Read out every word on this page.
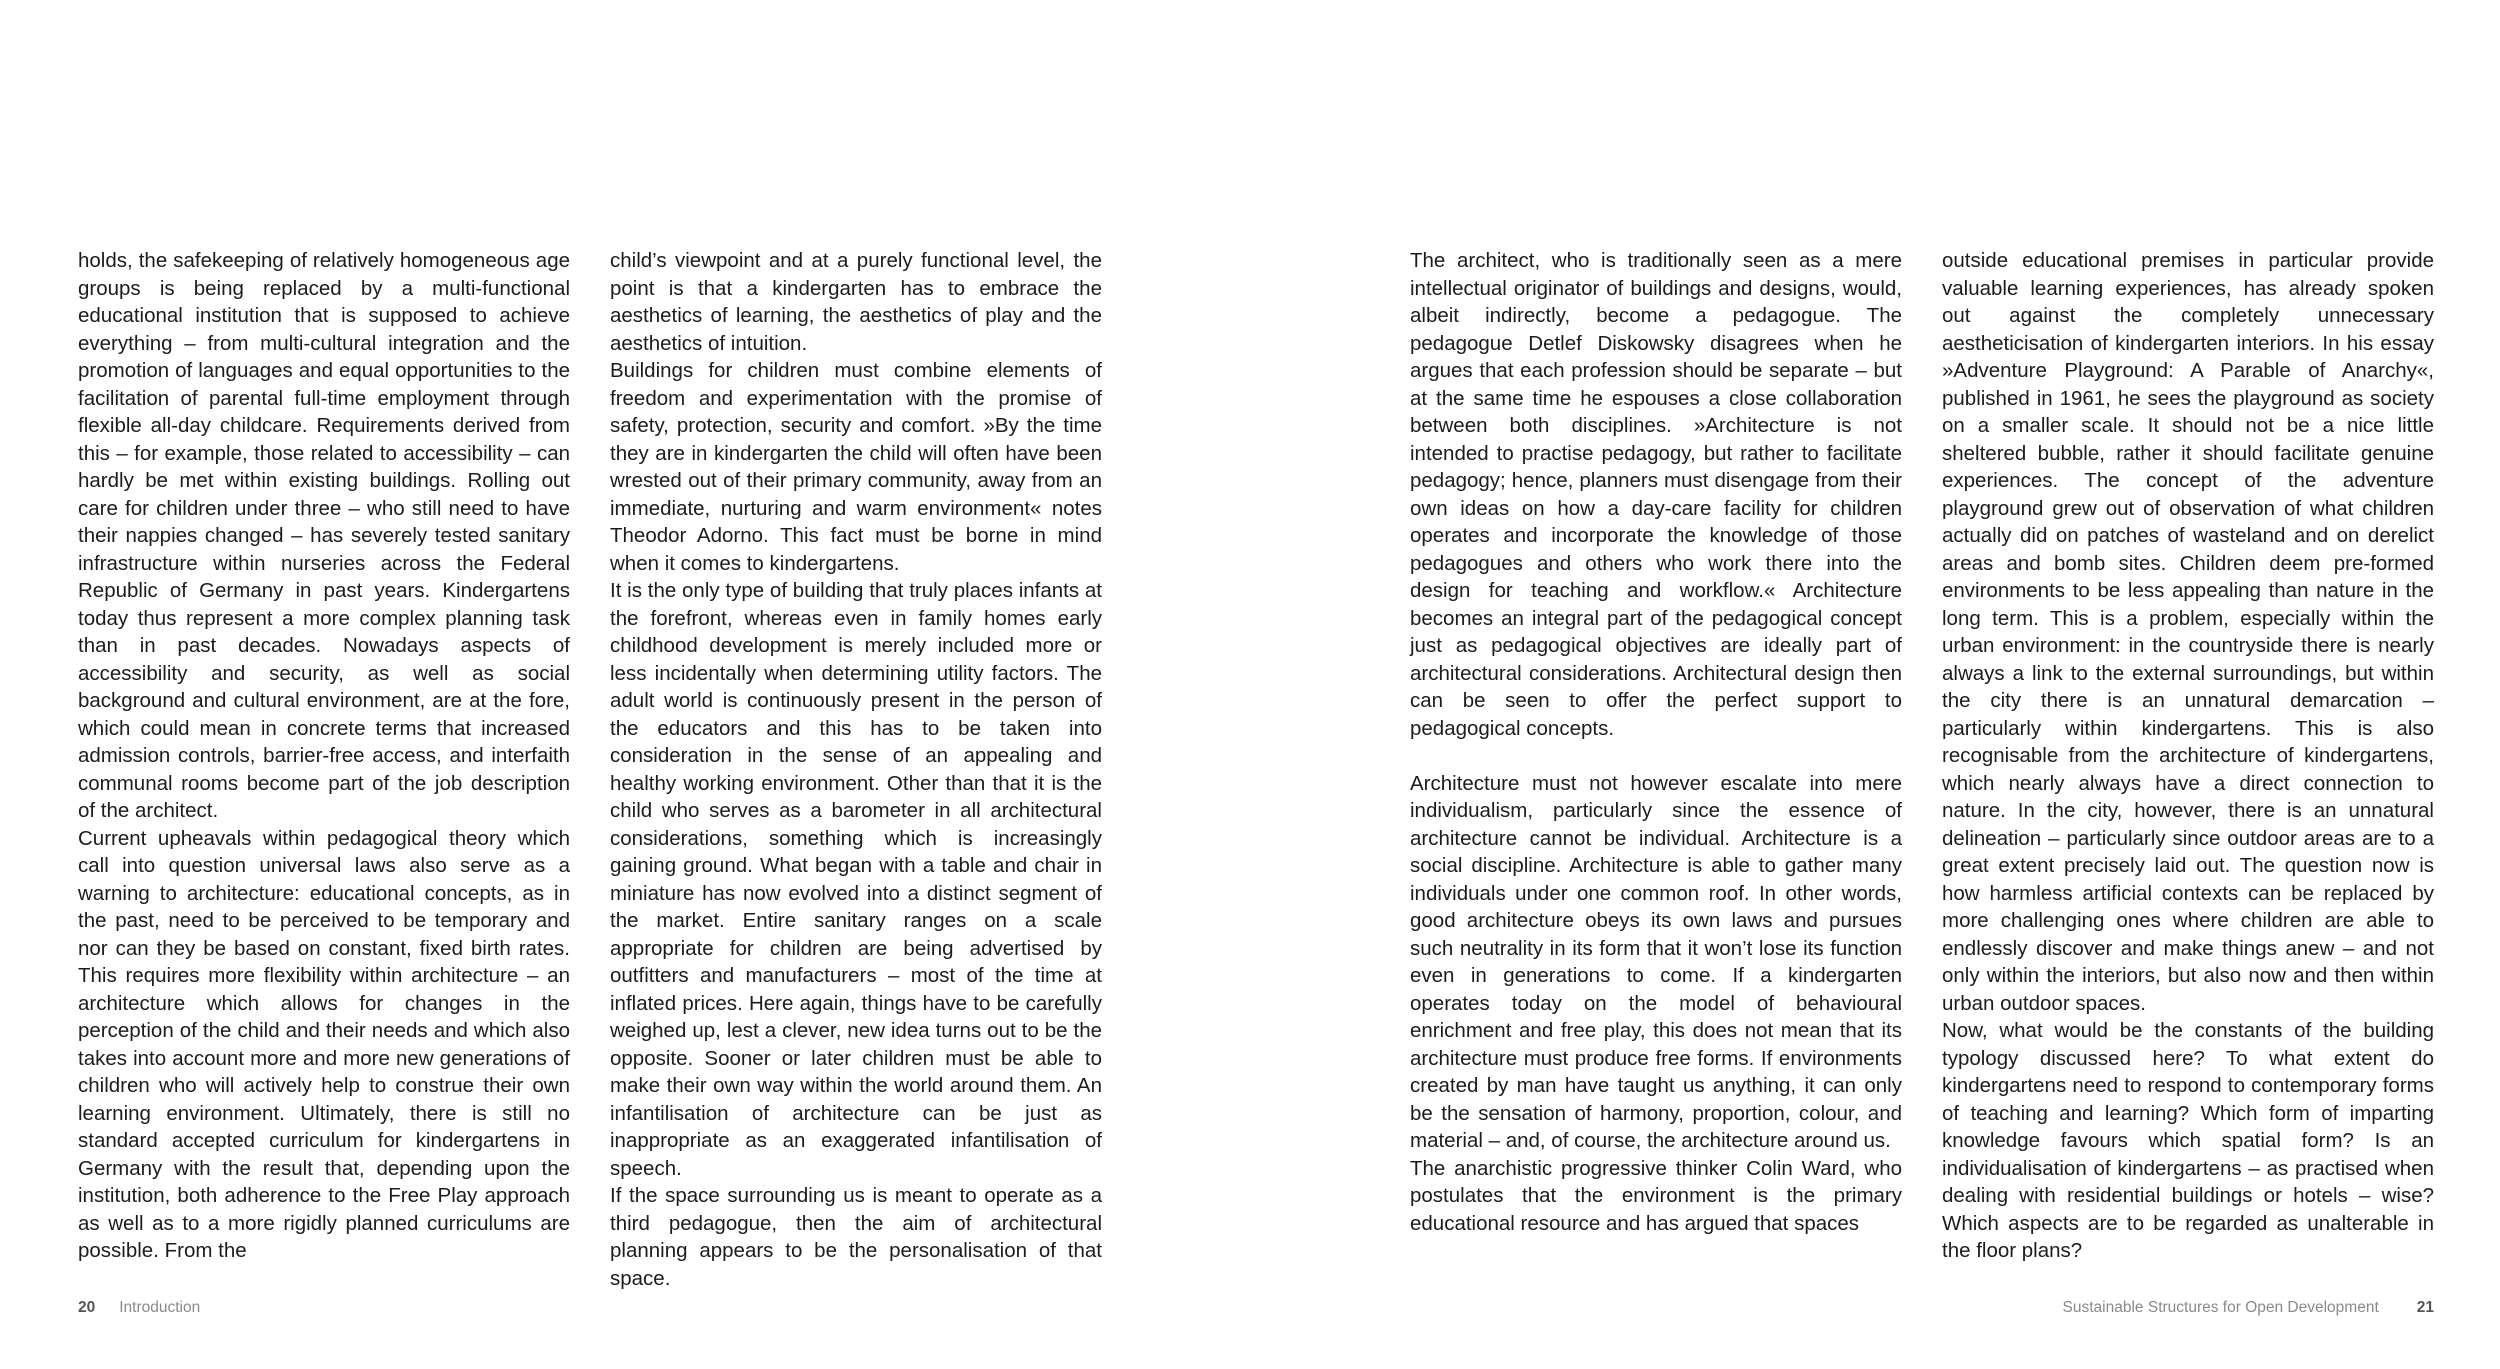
holds, the safekeeping of relatively homogeneous age groups is being replaced by a multi-functional educational institution that is supposed to achieve everything – from multi-cultural integration and the promotion of languages and equal opportunities to the facilitation of parental full-time employment through flexible all-day childcare. Requirements derived from this – for example, those related to accessibility – can hardly be met within existing buildings. Rolling out care for children under three – who still need to have their nappies changed – has severely tested sanitary infrastructure within nurseries across the Federal Republic of Germany in past years. Kindergartens today thus represent a more complex planning task than in past decades. Nowadays aspects of accessibility and security, as well as social background and cultural environment, are at the fore, which could mean in concrete terms that increased admission controls, barrier-free access, and interfaith communal rooms become part of the job description of the architect.

Current upheavals within pedagogical theory which call into question universal laws also serve as a warning to architecture: educational concepts, as in the past, need to be perceived to be temporary and nor can they be based on constant, fixed birth rates. This requires more flexibility within architecture – an architecture which allows for changes in the perception of the child and their needs and which also takes into account more and more new generations of children who will actively help to construe their own learning environment. Ultimately, there is still no standard accepted curriculum for kindergartens in Germany with the result that, depending upon the institution, both adherence to the Free Play approach as well as to a more rigidly planned curriculums are possible. From the

child’s viewpoint and at a purely functional level, the point is that a kindergarten has to embrace the aesthetics of learning, the aesthetics of play and the aesthetics of intuition.

Buildings for children must combine elements of freedom and experimentation with the promise of safety, protection, security and comfort. »By the time they are in kindergarten the child will often have been wrested out of their primary community, away from an immediate, nurturing and warm environment« notes Theodor Adorno. This fact must be borne in mind when it comes to kindergartens.

It is the only type of building that truly places infants at the forefront, whereas even in family homes early childhood development is merely included more or less incidentally when determining utility factors. The adult world is continuously present in the person of the educators and this has to be taken into consideration in the sense of an appealing and healthy working environment. Other than that it is the child who serves as a barometer in all architectural considerations, something which is increasingly gaining ground. What began with a table and chair in miniature has now evolved into a distinct segment of the market. Entire sanitary ranges on a scale appropriate for children are being advertised by outfitters and manufacturers – most of the time at inflated prices. Here again, things have to be carefully weighed up, lest a clever, new idea turns out to be the opposite. Sooner or later children must be able to make their own way within the world around them. An infantilisation of architecture can be just as inappropriate as an exaggerated infantilisation of speech.

If the space surrounding us is meant to operate as a third pedagogue, then the aim of architectural planning appears to be the personalisation of that space.

The architect, who is traditionally seen as a mere intellectual originator of buildings and designs, would, albeit indirectly, become a pedagogue. The pedagogue Detlef Diskowsky disagrees when he argues that each profession should be separate – but at the same time he espouses a close collaboration between both disciplines. »Architecture is not intended to practise pedagogy, but rather to facilitate pedagogy; hence, planners must disengage from their own ideas on how a day-care facility for children operates and incorporate the knowledge of those pedagogues and others who work there into the design for teaching and workflow.« Architecture becomes an integral part of the pedagogical concept just as pedagogical objectives are ideally part of architectural considerations. Architectural design then can be seen to offer the perfect support to pedagogical concepts.

Architecture must not however escalate into mere individualism, particularly since the essence of architecture cannot be individual. Architecture is a social discipline. Architecture is able to gather many individuals under one common roof. In other words, good architecture obeys its own laws and pursues such neutrality in its form that it won’t lose its function even in generations to come. If a kindergarten operates today on the model of behavioural enrichment and free play, this does not mean that its architecture must produce free forms. If environments created by man have taught us anything, it can only be the sensation of harmony, proportion, colour, and material – and, of course, the architecture around us.

The anarchistic progressive thinker Colin Ward, who postulates that the environment is the primary educational resource and has argued that spaces

outside educational premises in particular provide valuable learning experiences, has already spoken out against the completely unnecessary aestheticisation of kindergarten interiors. In his essay »Adventure Playground: A Parable of Anarchy«, published in 1961, he sees the playground as society on a smaller scale. It should not be a nice little sheltered bubble, rather it should facilitate genuine experiences. The concept of the adventure playground grew out of observation of what children actually did on patches of wasteland and on derelict areas and bomb sites. Children deem pre-formed environments to be less appealing than nature in the long term. This is a problem, especially within the urban environment: in the countryside there is nearly always a link to the external surroundings, but within the city there is an unnatural demarcation – particularly within kindergartens. This is also recognisable from the architecture of kindergartens, which nearly always have a direct connection to nature. In the city, however, there is an unnatural delineation – particularly since outdoor areas are to a great extent precisely laid out. The question now is how harmless artificial contexts can be replaced by more challenging ones where children are able to endlessly discover and make things anew – and not only within the interiors, but also now and then within urban outdoor spaces.

Now, what would be the constants of the building typology discussed here? To what extent do kindergartens need to respond to contemporary forms of teaching and learning? Which form of imparting knowledge favours which spatial form? Is an individualisation of kindergartens – as practised when dealing with residential buildings or hotels – wise? Which aspects are to be regarded as unalterable in the floor plans?

20 Introduction	Sustainable Structures for Open Development 21
